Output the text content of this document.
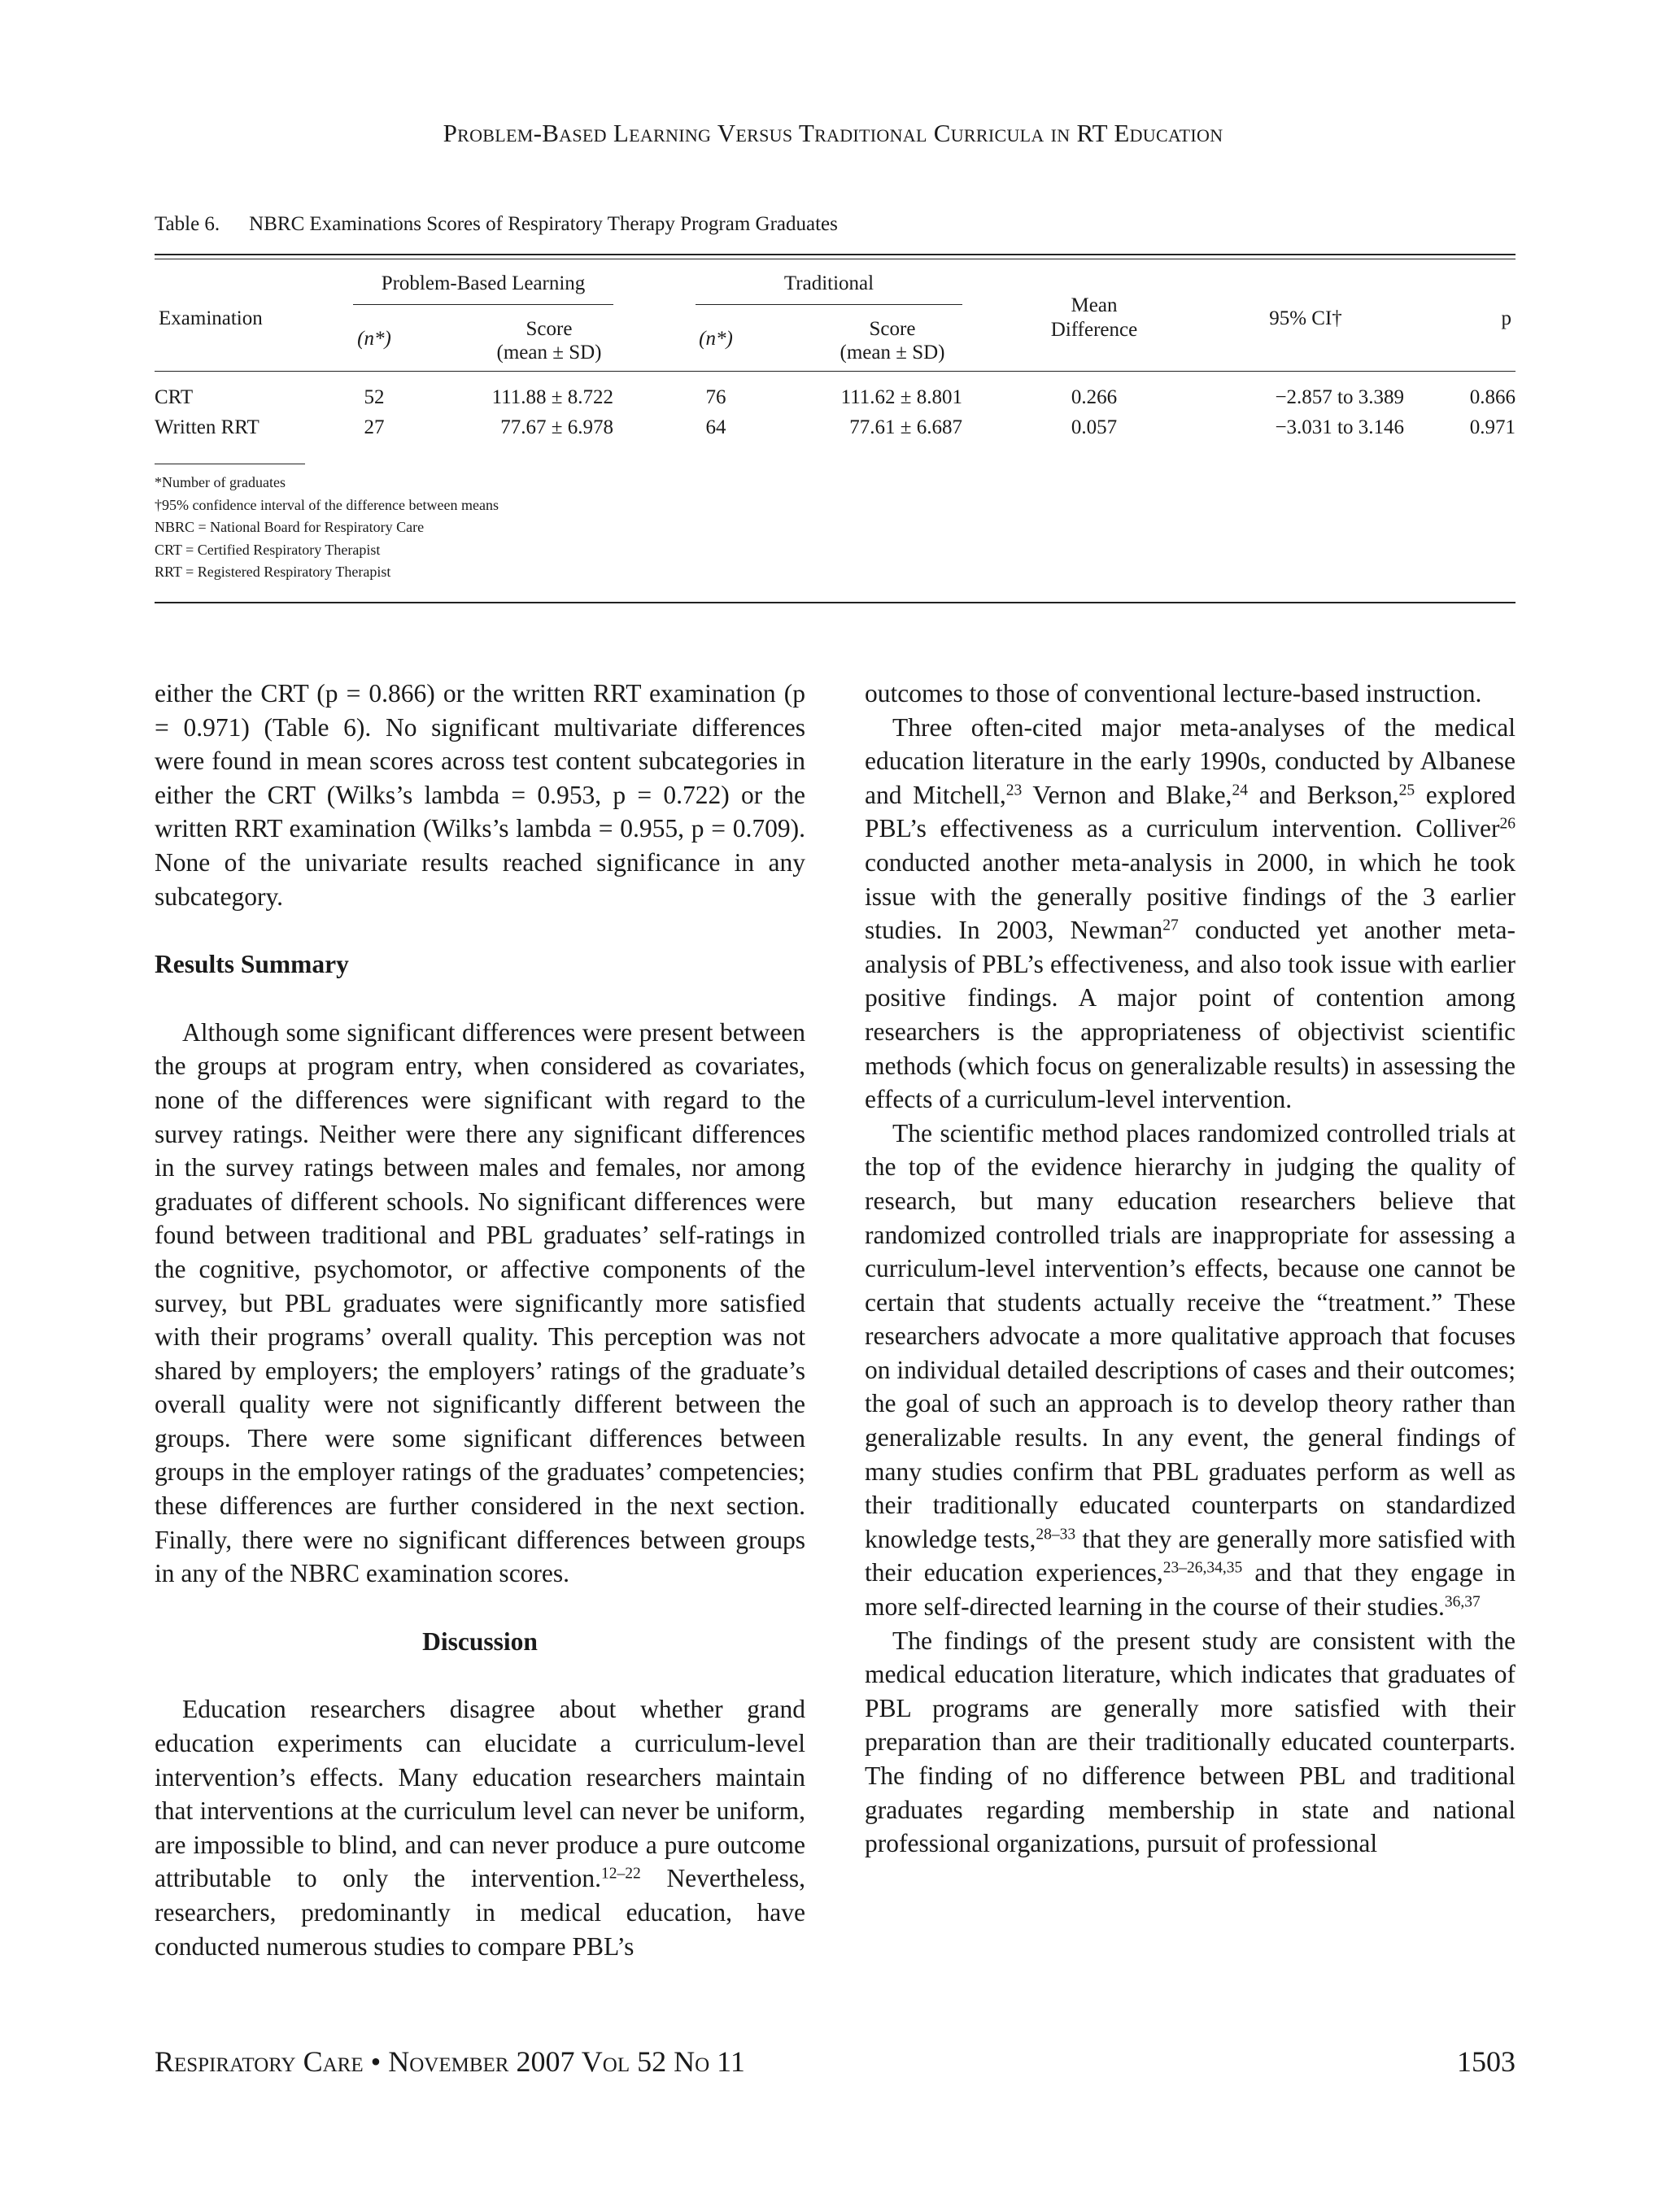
Problem-Based Learning Versus Traditional Curricula in RT Education
Table 6. NBRC Examinations Scores of Respiratory Therapy Program Graduates
Examination
Problem-Based Learning	Traditional
(n*)	Score
(mean ± SD)
(n*)	Score
(mean ± SD)
Mean
Difference
95% CI†	p
CRT	52	111.88 ± 8.722	76	111.62 ± 8.801	0.266	−2.857 to 3.389	0.866
Written RRT	27	77.67 ± 6.978	64	77.61 ± 6.687	0.057	−3.031 to 3.146	0.971
*Number of graduates
†95% confidence interval of the difference between means
NBRC = National Board for Respiratory Care
CRT = Certified Respiratory Therapist
RRT = Registered Respiratory Therapist

either the CRT (p = 0.866) or the written RRT examination (p = 0.971) (Table 6). No significant multivariate differences were found in mean scores across test content subcategories in either the CRT (Wilks’s lambda = 0.953, p = 0.722) or the written RRT examination (Wilks’s lambda = 0.955, p = 0.709). None of the univariate results reached significance in any subcategory.

Results Summary

Although some significant differences were present between the groups at program entry, when considered as covariates, none of the differences were significant with regard to the survey ratings. Neither were there any significant differences in the survey ratings between males and females, nor among graduates of different schools. No significant differences were found between traditional and PBL graduates’ self-ratings in the cognitive, psychomotor, or affective components of the survey, but PBL graduates were significantly more satisfied with their programs’ overall quality. This perception was not shared by employers; the employers’ ratings of the graduate’s overall quality were not significantly different between the groups. There were some significant differences between groups in the employer ratings of the graduates’ competencies; these differences are further considered in the next section. Finally, there were no significant differences between groups in any of the NBRC examination scores.

Discussion

Education researchers disagree about whether grand education experiments can elucidate a curriculum-level intervention’s effects. Many education researchers maintain that interventions at the curriculum level can never be uniform, are impossible to blind, and can never produce a pure outcome attributable to only the intervention.$^{12-22}$ Nevertheless, researchers, predominantly in medical education, have conducted numerous studies to compare PBL’s

outcomes to those of conventional lecture-based instruction.

Three often-cited major meta-analyses of the medical education literature in the early 1990s, conducted by Albanese and Mitchell,$^{23}$ Vernon and Blake,$^{24}$ and Berkson,$^{25}$ explored PBL’s effectiveness as a curriculum intervention. Colliver$^{26}$ conducted another meta-analysis in 2000, in which he took issue with the generally positive findings of the 3 earlier studies. In 2003, Newman$^{27}$ conducted yet another meta-analysis of PBL’s effectiveness, and also took issue with earlier positive findings. A major point of contention among researchers is the appropriateness of objectivist scientific methods (which focus on generalizable results) in assessing the effects of a curriculum-level intervention.

The scientific method places randomized controlled trials at the top of the evidence hierarchy in judging the quality of research, but many education researchers believe that randomized controlled trials are inappropriate for assessing a curriculum-level intervention’s effects, because one cannot be certain that students actually receive the “treatment.” These researchers advocate a more qualitative approach that focuses on individual detailed descriptions of cases and their outcomes; the goal of such an approach is to develop theory rather than generalizable results. In any event, the general findings of many studies confirm that PBL graduates perform as well as their traditionally educated counterparts on standardized knowledge tests,$^{28-33}$ that they are generally more satisfied with their education experiences,$^{23-26,34,35}$ and that they engage in more self-directed learning in the course of their studies.$^{36,37}$

The findings of the present study are consistent with the medical education literature, which indicates that graduates of PBL programs are generally more satisfied with their preparation than are their traditionally educated counterparts. The finding of no difference between PBL and traditional graduates regarding membership in state and national professional organizations, pursuit of professional

Respiratory Care • November 2007 Vol 52 No 11	1503
